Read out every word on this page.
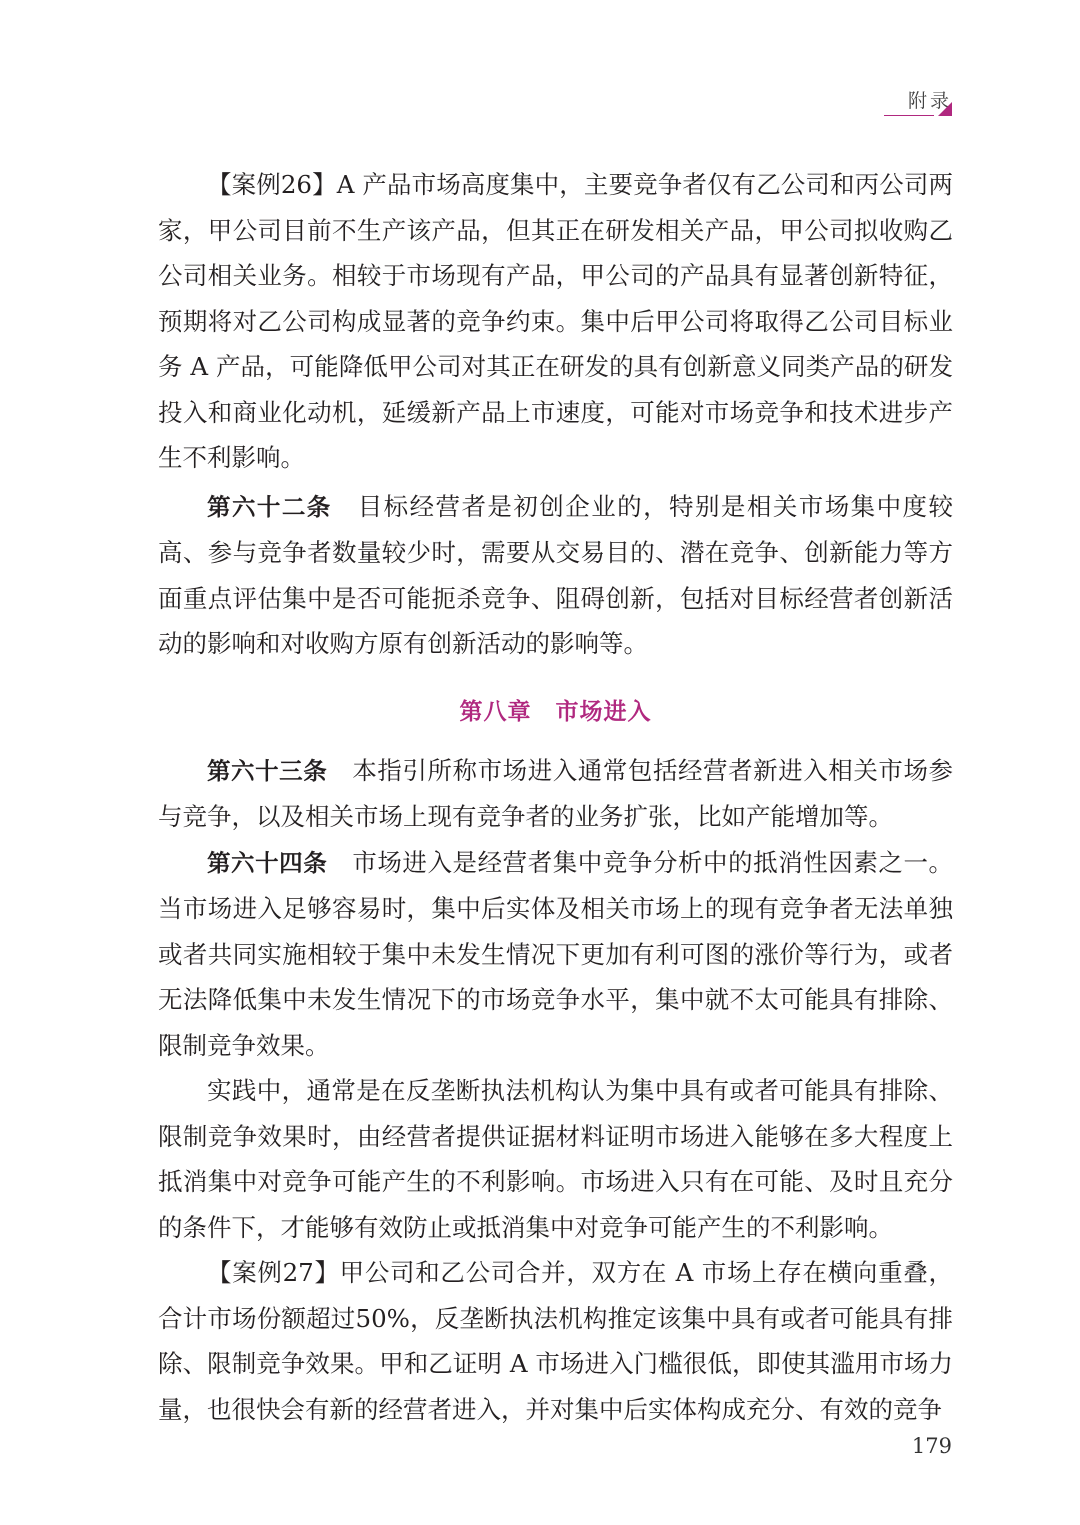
附录

【案例26】A 产品市场高度集中，主要竞争者仅有乙公司和丙公司两家，甲公司目前不生产该产品，但其正在研发相关产品，甲公司拟收购乙公司相关业务。相较于市场现有产品，甲公司的产品具有显著创新特征，预期将对乙公司构成显著的竞争约束。集中后甲公司将取得乙公司目标业务 A 产品，可能降低甲公司对其正在研发的具有创新意义同类产品的研发投入和商业化动机，延缓新产品上市速度，可能对市场竞争和技术进步产生不利影响。

第六十二条　 目标经营者是初创企业的，特别是相关市场集中度较高、参与竞争者数量较少时，需要从交易目的、潜在竞争、创新能力等方面重点评估集中是否可能扼杀竞争、阻碍创新，包括对目标经营者创新活动的影响和对收购方原有创新活动的影响等。

第八章　市场进入

第六十三条　 本指引所称市场进入通常包括经营者新进入相关市场参与竞争，以及相关市场上现有竞争者的业务扩张，比如产能增加等。

第六十四条　 市场进入是经营者集中竞争分析中的抵消性因素之一。当市场进入足够容易时，集中后实体及相关市场上的现有竞争者无法单独或者共同实施相较于集中未发生情况下更加有利可图的涨价等行为，或者无法降低集中未发生情况下的市场竞争水平，集中就不太可能具有排除、限制竞争效果。

实践中，通常是在反垄断执法机构认为集中具有或者可能具有排除、限制竞争效果时，由经营者提供证据材料证明市场进入能够在多大程度上抵消集中对竞争可能产生的不利影响。市场进入只有在可能、及时且充分的条件下，才能够有效防止或抵消集中对竞争可能产生的不利影响。

【案例27】甲公司和乙公司合并，双方在 A 市场上存在横向重叠，合计市场份额超过50%，反垄断执法机构推定该集中具有或者可能具有排除、限制竞争效果。甲和乙证明 A 市场进入门槛很低，即使其滥用市场力量，也很快会有新的经营者进入，并对集中后实体构成充分、有效的竞争

179
